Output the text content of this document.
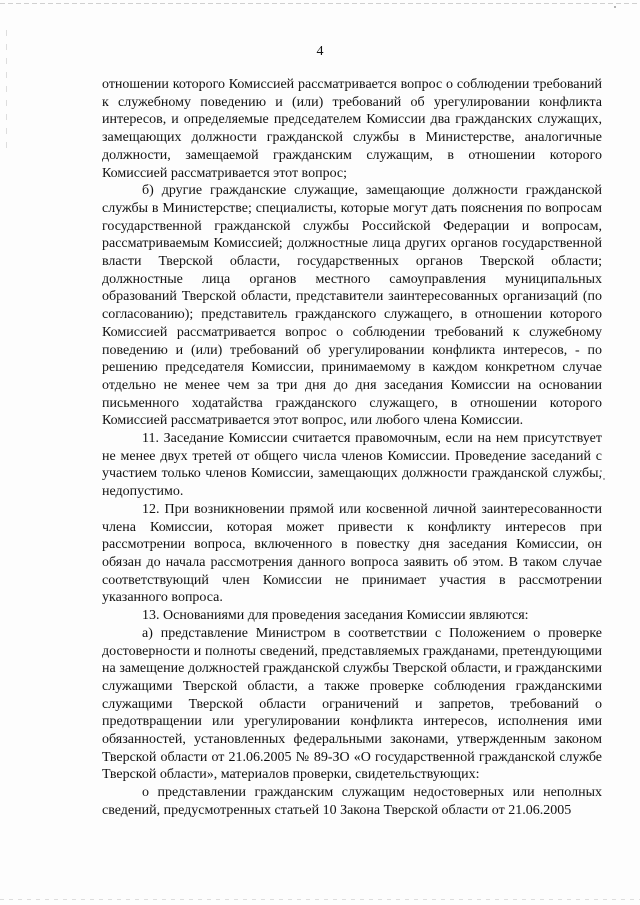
4

отношении которого Комиссией рассматривается вопрос о соблюдении требований к служебному поведению и (или) требований об урегулировании конфликта интересов, и определяемые председателем Комиссии два гражданских служащих, замещающих должности гражданской службы в Министерстве, аналогичные должности, замещаемой гражданским служащим, в отношении которого Комиссией рассматривается этот вопрос;

б) другие гражданские служащие, замещающие должности гражданской службы в Министерстве; специалисты, которые могут дать пояснения по вопросам государственной гражданской службы Российской Федерации и вопросам, рассматриваемым Комиссией; должностные лица других органов государственной власти Тверской области, государственных органов Тверской области; должностные лица органов местного самоуправления муниципальных образований Тверской области, представители заинтересованных организаций (по согласованию); представитель гражданского служащего, в отношении которого Комиссией рассматривается вопрос о соблюдении требований к служебному поведению и (или) требований об урегулировании конфликта интересов, - по решению председателя Комиссии, принимаемому в каждом конкретном случае отдельно не менее чем за три дня до дня заседания Комиссии на основании письменного ходатайства гражданского служащего, в отношении которого Комиссией рассматривается этот вопрос, или любого члена Комиссии.

11. Заседание Комиссии считается правомочным, если на нем присутствует не менее двух третей от общего числа членов Комиссии. Проведение заседаний с участием только членов Комиссии, замещающих должности гражданской службы, недопустимо.

12. При возникновении прямой или косвенной личной заинтересованности члена Комиссии, которая может привести к конфликту интересов при рассмотрении вопроса, включенного в повестку дня заседания Комиссии, он обязан до начала рассмотрения данного вопроса заявить об этом. В таком случае соответствующий член Комиссии не принимает участия в рассмотрении указанного вопроса.

13. Основаниями для проведения заседания Комиссии являются:

а) представление Министром в соответствии с Положением о проверке достоверности и полноты сведений, представляемых гражданами, претендующими на замещение должностей гражданской службы Тверской области, и гражданскими служащими Тверской области, а также проверке соблюдения гражданскими служащими Тверской области ограничений и запретов, требований о предотвращении или урегулировании конфликта интересов, исполнения ими обязанностей, установленных федеральными законами, утвержденным законом Тверской области от 21.06.2005 № 89-ЗО «О государственной гражданской службе Тверской области», материалов проверки, свидетельствующих:

о представлении гражданским служащим недостоверных или неполных сведений, предусмотренных статьей 10 Закона Тверской области от 21.06.2005
